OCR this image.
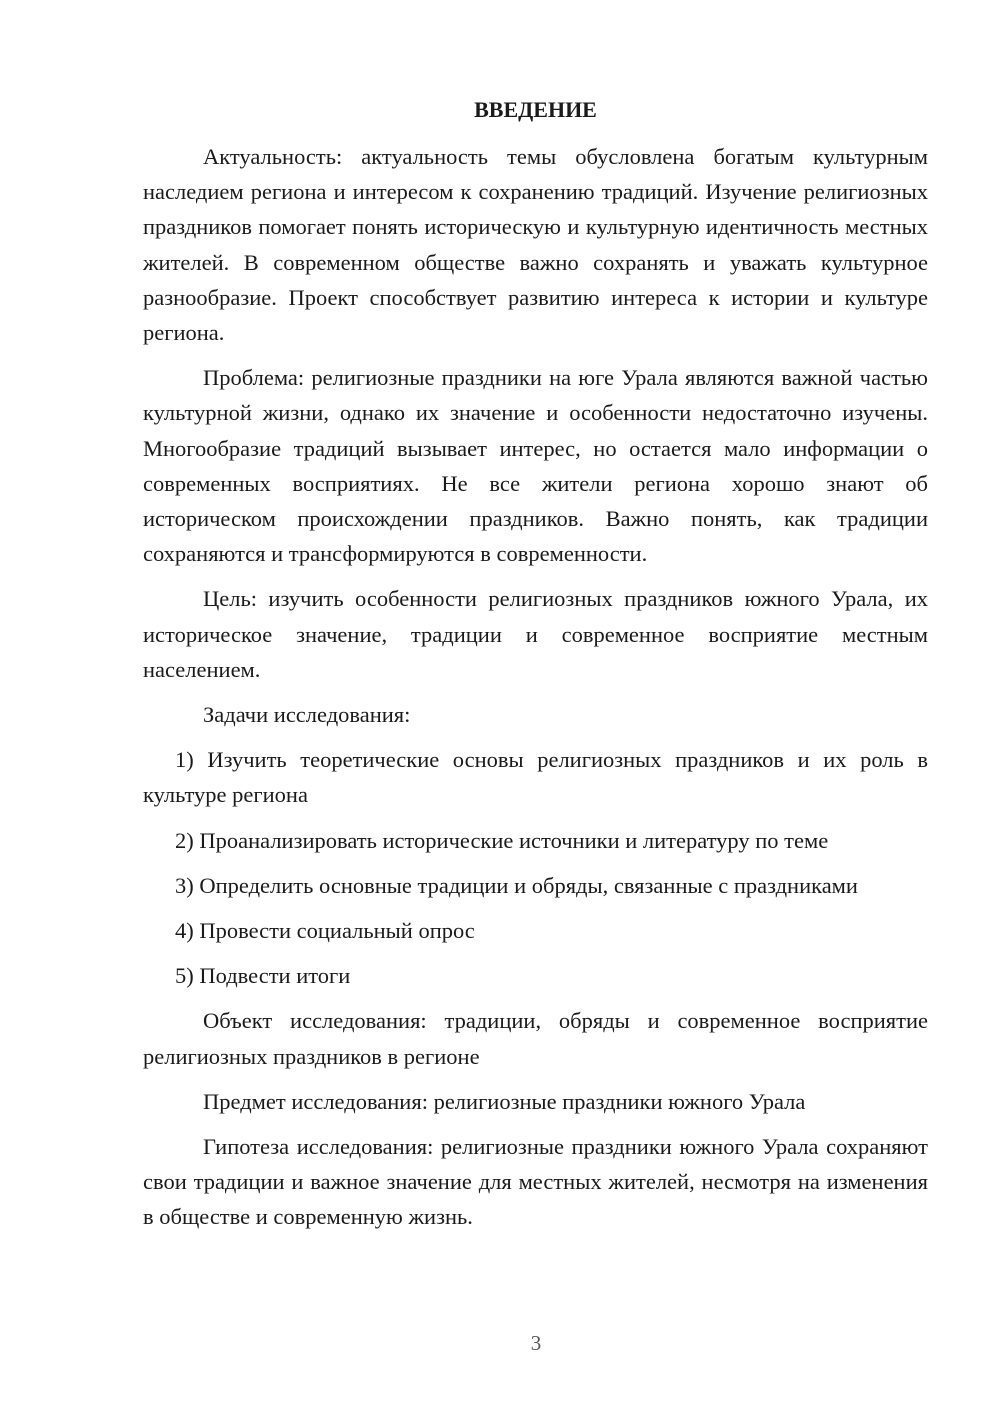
ВВЕДЕНИЕ

Актуальность: актуальность темы обусловлена богатым культурным наследием региона и интересом к сохранению традиций. Изучение религиозных праздников помогает понять историческую и культурную идентичность местных жителей. В современном обществе важно сохранять и уважать культурное разнообразие. Проект способствует развитию интереса к истории и культуре региона.

Проблема: религиозные праздники на юге Урала являются важной частью культурной жизни, однако их значение и особенности недостаточно изучены. Многообразие традиций вызывает интерес, но остается мало информации о современных восприятиях. Не все жители региона хорошо знают об историческом происхождении праздников. Важно понять, как традиции сохраняются и трансформируются в современности.

Цель: изучить особенности религиозных праздников южного Урала, их историческое значение, традиции и современное восприятие местным населением.

Задачи исследования:

1) Изучить теоретические основы религиозных праздников и их роль в культуре региона

2) Проанализировать исторические источники и литературу по теме

3) Определить основные традиции и обряды, связанные с праздниками

4) Провести социальный опрос

5) Подвести итоги

Объект исследования: традиции, обряды и современное восприятие религиозных праздников в регионе

Предмет исследования: религиозные праздники южного Урала

Гипотеза исследования: религиозные праздники южного Урала сохраняют свои традиции и важное значение для местных жителей, несмотря на изменения в обществе и современную жизнь.

3
